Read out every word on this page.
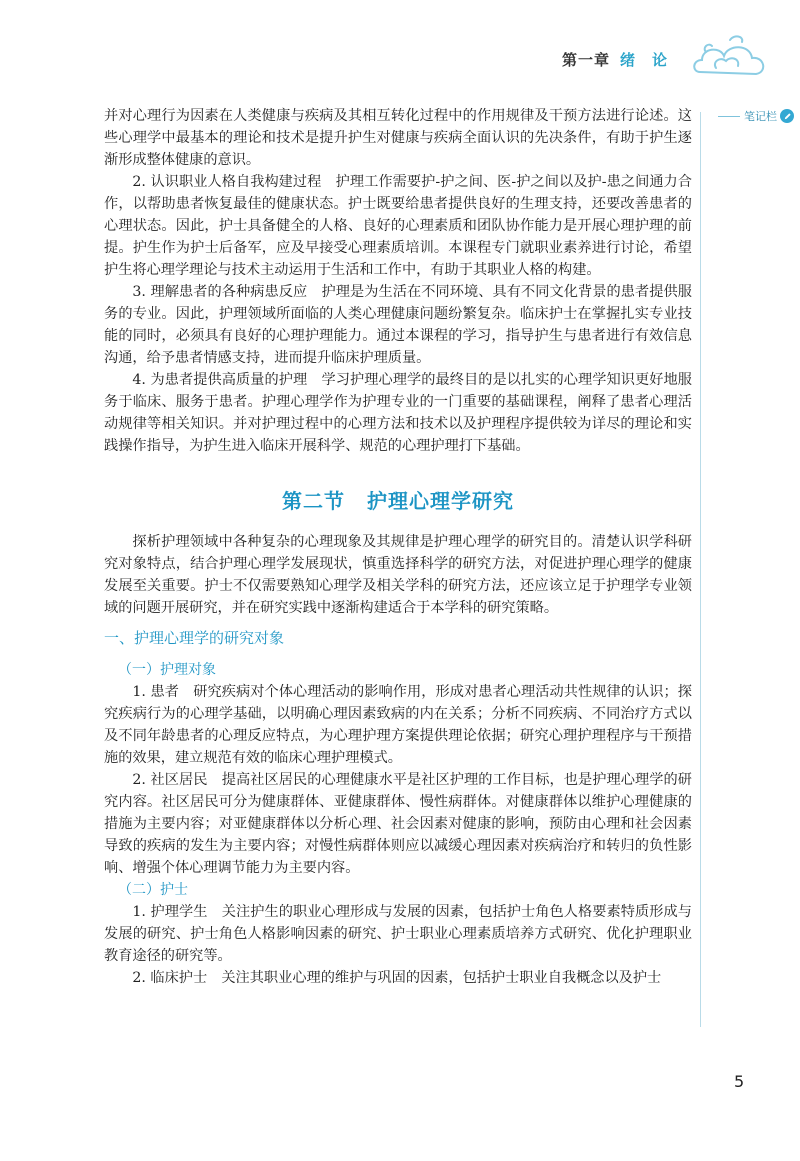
第一章 绪　论
笔记栏

并对心理行为因素在人类健康与疾病及其相互转化过程中的作用规律及干预方法进行论述。这些心理学中最基本的理论和技术是提升护生对健康与疾病全面认识的先决条件，有助于护生逐渐形成整体健康的意识。

2. 认识职业人格自我构建过程　护理工作需要护-护之间、医-护之间以及护-患之间通力合作，以帮助患者恢复最佳的健康状态。护士既要给患者提供良好的生理支持，还要改善患者的心理状态。因此，护士具备健全的人格、良好的心理素质和团队协作能力是开展心理护理的前提。护生作为护士后备军，应及早接受心理素质培训。本课程专门就职业素养进行讨论，希望护生将心理学理论与技术主动运用于生活和工作中，有助于其职业人格的构建。

3. 理解患者的各种病患反应　护理是为生活在不同环境、具有不同文化背景的患者提供服务的专业。因此，护理领域所面临的人类心理健康问题纷繁复杂。临床护士在掌握扎实专业技能的同时，必须具有良好的心理护理能力。通过本课程的学习，指导护生与患者进行有效信息沟通，给予患者情感支持，进而提升临床护理质量。

4. 为患者提供高质量的护理　学习护理心理学的最终目的是以扎实的心理学知识更好地服务于临床、服务于患者。护理心理学作为护理专业的一门重要的基础课程，阐释了患者心理活动规律等相关知识。并对护理过程中的心理方法和技术以及护理程序提供较为详尽的理论和实践操作指导，为护生进入临床开展科学、规范的心理护理打下基础。

第二节 护理心理学研究

探析护理领域中各种复杂的心理现象及其规律是护理心理学的研究目的。清楚认识学科研究对象特点，结合护理心理学发展现状，慎重选择科学的研究方法，对促进护理心理学的健康发展至关重要。护士不仅需要熟知心理学及相关学科的研究方法，还应该立足于护理学专业领域的问题开展研究，并在研究实践中逐渐构建适合于本学科的研究策略。

一、护理心理学的研究对象
（一）护理对象

1. 患者　研究疾病对个体心理活动的影响作用，形成对患者心理活动共性规律的认识；探究疾病行为的心理学基础，以明确心理因素致病的内在关系；分析不同疾病、不同治疗方式以及不同年龄患者的心理反应特点，为心理护理方案提供理论依据；研究心理护理程序与干预措施的效果，建立规范有效的临床心理护理模式。

2. 社区居民　提高社区居民的心理健康水平是社区护理的工作目标，也是护理心理学的研究内容。社区居民可分为健康群体、亚健康群体、慢性病群体。对健康群体以维护心理健康的措施为主要内容；对亚健康群体以分析心理、社会因素对健康的影响，预防由心理和社会因素导致的疾病的发生为主要内容；对慢性病群体则应以减缓心理因素对疾病治疗和转归的负性影响、增强个体心理调节能力为主要内容。

（二）护士

1. 护理学生　关注护生的职业心理形成与发展的因素，包括护士角色人格要素特质形成与发展的研究、护士角色人格影响因素的研究、护士职业心理素质培养方式研究、优化护理职业教育途径的研究等。

2. 临床护士　关注其职业心理的维护与巩固的因素，包括护士职业自我概念以及护士

5
